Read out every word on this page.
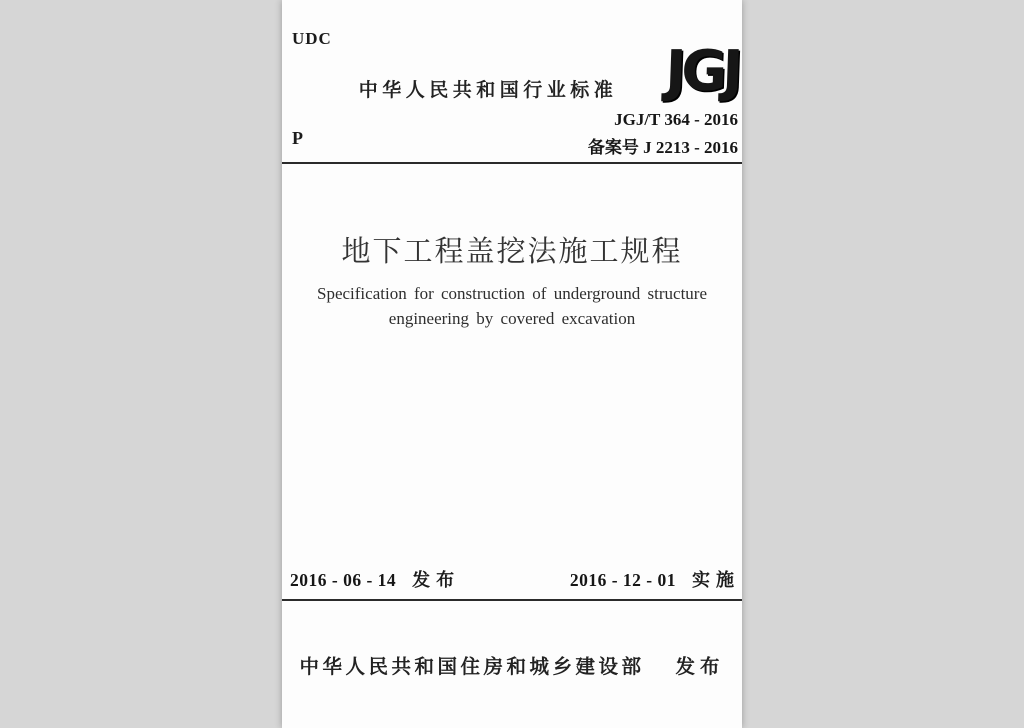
UDC
中华人民共和国行业标准 JGJ
JGJ/T 364 - 2016
备案号 J 2213 - 2016
P
地下工程盖挖法施工规程
Specification for construction of underground structure
engineering by covered excavation
2016 - 06 - 14 发布	2016 - 12 - 01 实施
中华人民共和国住房和城乡建设部 发布
